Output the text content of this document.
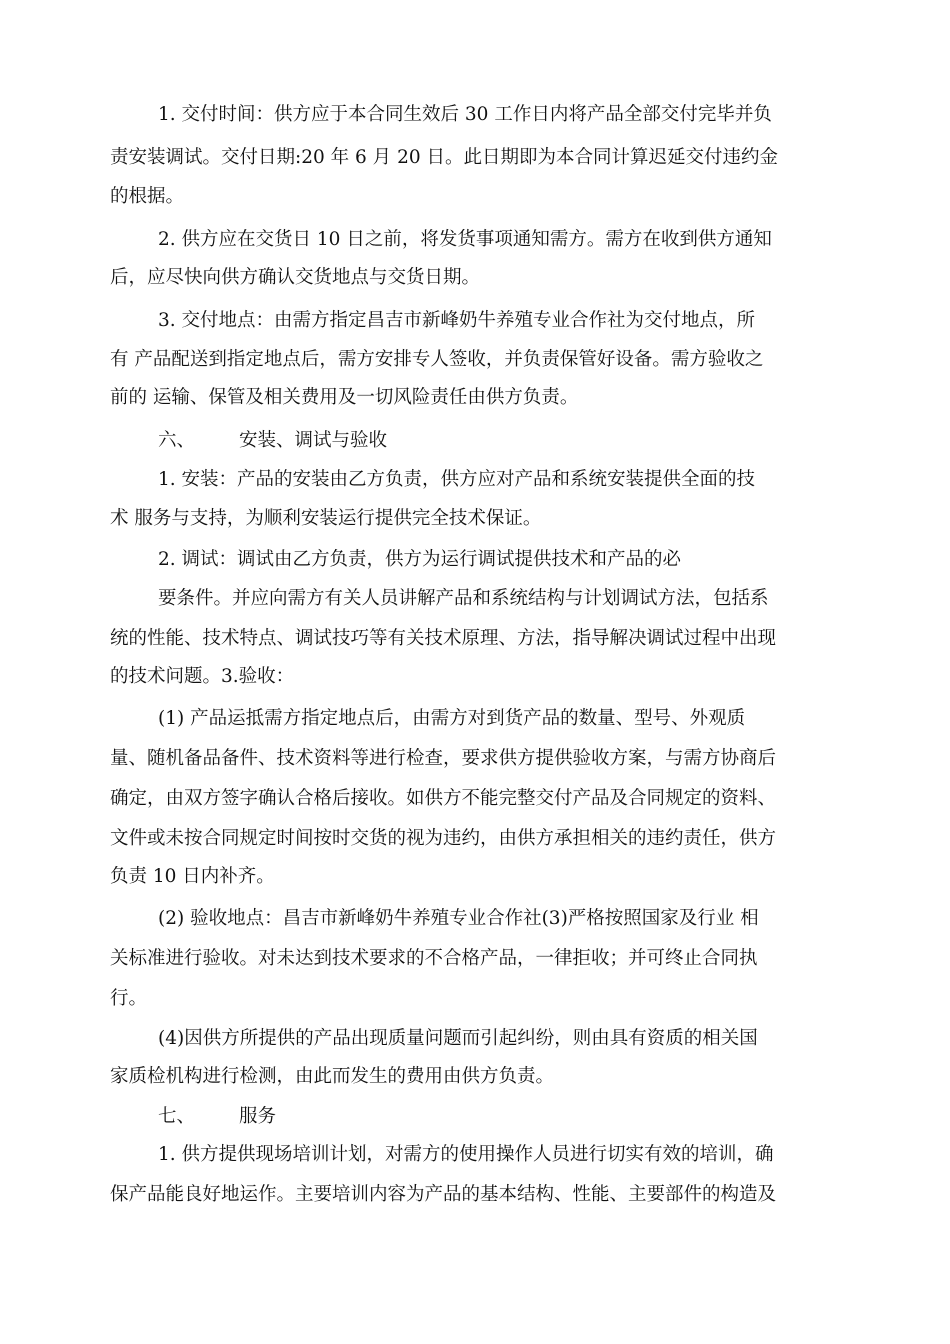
1. 交付时间：供方应于本合同生效后 30 工作日内将产品全部交付完毕并负
责安装调试。交付日期:20 年 6 月 20 日。此日期即为本合同计算迟延交付违约金
的根据。
2. 供方应在交货日 10 日之前，将发货事项通知需方。需方在收到供方通知
后，应尽快向供方确认交货地点与交货日期。
3. 交付地点：由需方指定昌吉市新峰奶牛养殖专业合作社为交付地点，所
有 产品配送到指定地点后，需方安排专人签收，并负责保管好设备。需方验收之
前的 运输、保管及相关费用及一切风险责任由供方负责。
六、 安装、调试与验收
1. 安装：产品的安装由乙方负责，供方应对产品和系统安装提供全面的技
术 服务与支持，为顺利安装运行提供完全技术保证。
2. 调试：调试由乙方负责，供方为运行调试提供技术和产品的必
要条件。并应向需方有关人员讲解产品和系统结构与计划调试方法，包括系
统的性能、技术特点、调试技巧等有关技术原理、方法，指导解决调试过程中出现
的技术问题。3.验收：
(1) 产品运抵需方指定地点后，由需方对到货产品的数量、型号、外观质
量、随机备品备件、技术资料等进行检查，要求供方提供验收方案，与需方协商后
确定，由双方签字确认合格后接收。如供方不能完整交付产品及合同规定的资料、
文件或未按合同规定时间按时交货的视为违约，由供方承担相关的违约责任，供方
负责 10 日内补齐。
(2) 验收地点：昌吉市新峰奶牛养殖专业合作社(3)严格按照国家及行业 相
关标准进行验收。对未达到技术要求的不合格产品，一律拒收；并可终止合同执
行。
(4)因供方所提供的产品出现质量问题而引起纠纷，则由具有资质的相关国
家质检机构进行检测，由此而发生的费用由供方负责。
七、 服务
1. 供方提供现场培训计划，对需方的使用操作人员进行切实有效的培训，确
保产品能良好地运作。主要培训内容为产品的基本结构、性能、主要部件的构造及
